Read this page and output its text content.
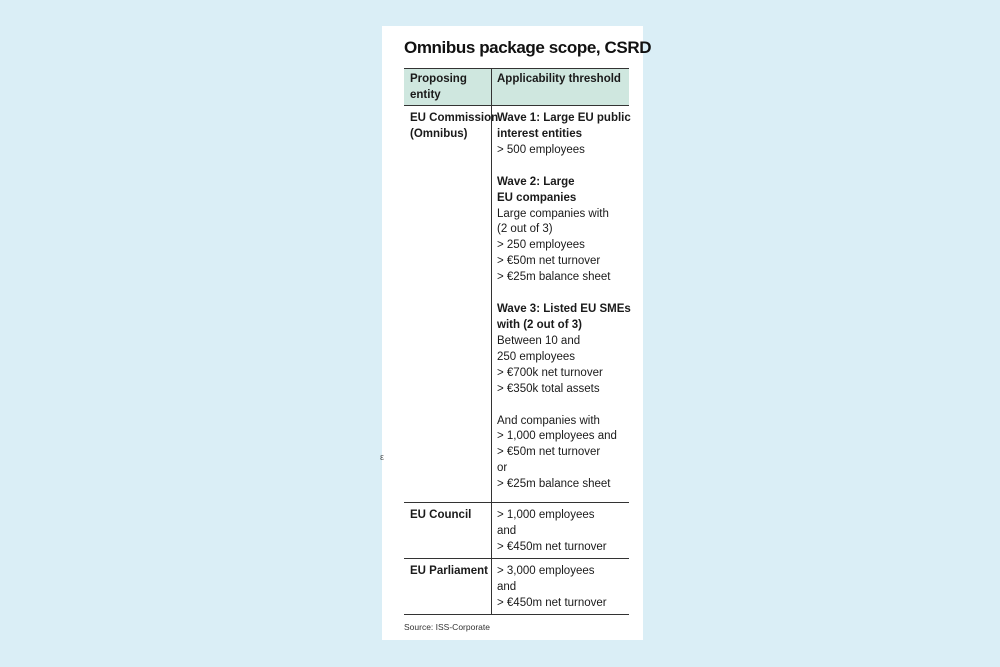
Omnibus package scope, CSRD
Proposing
entity
Applicability threshold
EU Commission
(Omnibus)
Wave 1: Large EU public
interest entities
> 500 employees
Wave 2: Large
EU companies
Large companies with
(2 out of 3)
> 250 employees
> €50m net turnover
> €25m balance sheet
Wave 3: Listed EU SMEs
with (2 out of 3)
Between 10 and
250 employees
> €700k net turnover
> €350k total assets
And companies with
> 1,000 employees and
> €50m net turnover
or
> €25m balance sheet
EU Council	> 1,000 employees
and
> €450m net turnover
EU Parliament > 3,000 employees
and
> €450m net turnover
Source: ISS-Corporate
ε
